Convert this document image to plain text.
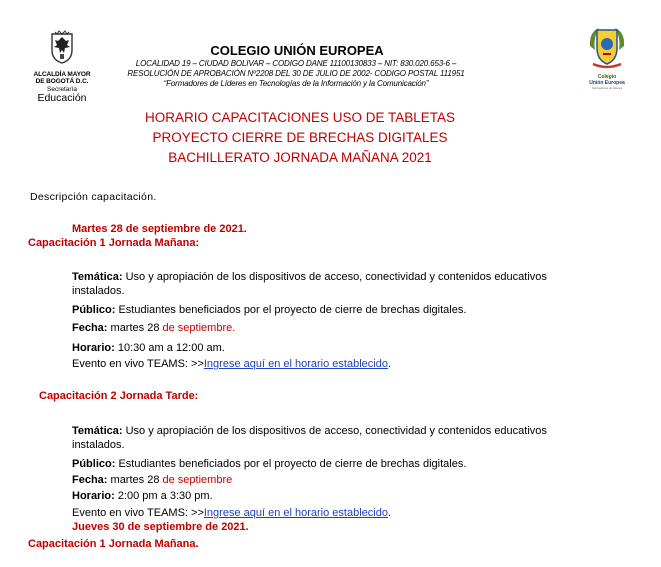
ALCALDÍA MAYOR
DE BOGOTÁ D.C.
Secretaría
Educación
COLEGIO UNIÓN EUROPEA
LOCALIDAD 19 – CIUDAD BOLIVAR – CODIGO DANE 11100130833 – NIT: 830.020.653-6 –
RESOLUCIÓN DE APROBACIÓN Nº2208 DEL 30 DE JULIO DE 2002- CODIGO POSTAL 111951
“Formadores de Líderes en Tecnologías de la Información y la Comunicación”
Colegio
Unión Europea
Formadores de líderes
HORARIO CAPACITACIONES USO DE TABLETAS
PROYECTO CIERRE DE BRECHAS DIGITALES
BACHILLERATO JORNADA MAÑANA 2021
Descripción capacitación.
Martes 28 de septiembre de 2021.
Capacitación 1 Jornada Mañana:
Temática: Uso y apropiación de los dispositivos de acceso, conectividad y contenidos educativos instalados.
Público: Estudiantes beneficiados por el proyecto de cierre de brechas digitales.
Fecha: martes 28 de septiembre.
Horario: 10:30 am a 12:00 am.
Evento en vivo TEAMS: >>Ingrese aquí en el horario establecido.
Capacitación 2 Jornada Tarde:
Temática: Uso y apropiación de los dispositivos de acceso, conectividad y contenidos educativos instalados.
Público: Estudiantes beneficiados por el proyecto de cierre de brechas digitales.
Fecha: martes 28 de septiembre
Horario: 2:00 pm a 3:30 pm.
Evento en vivo TEAMS: >>Ingrese aquí en el horario establecido.
Jueves 30 de septiembre de 2021.
Capacitación 1 Jornada Mañana.
